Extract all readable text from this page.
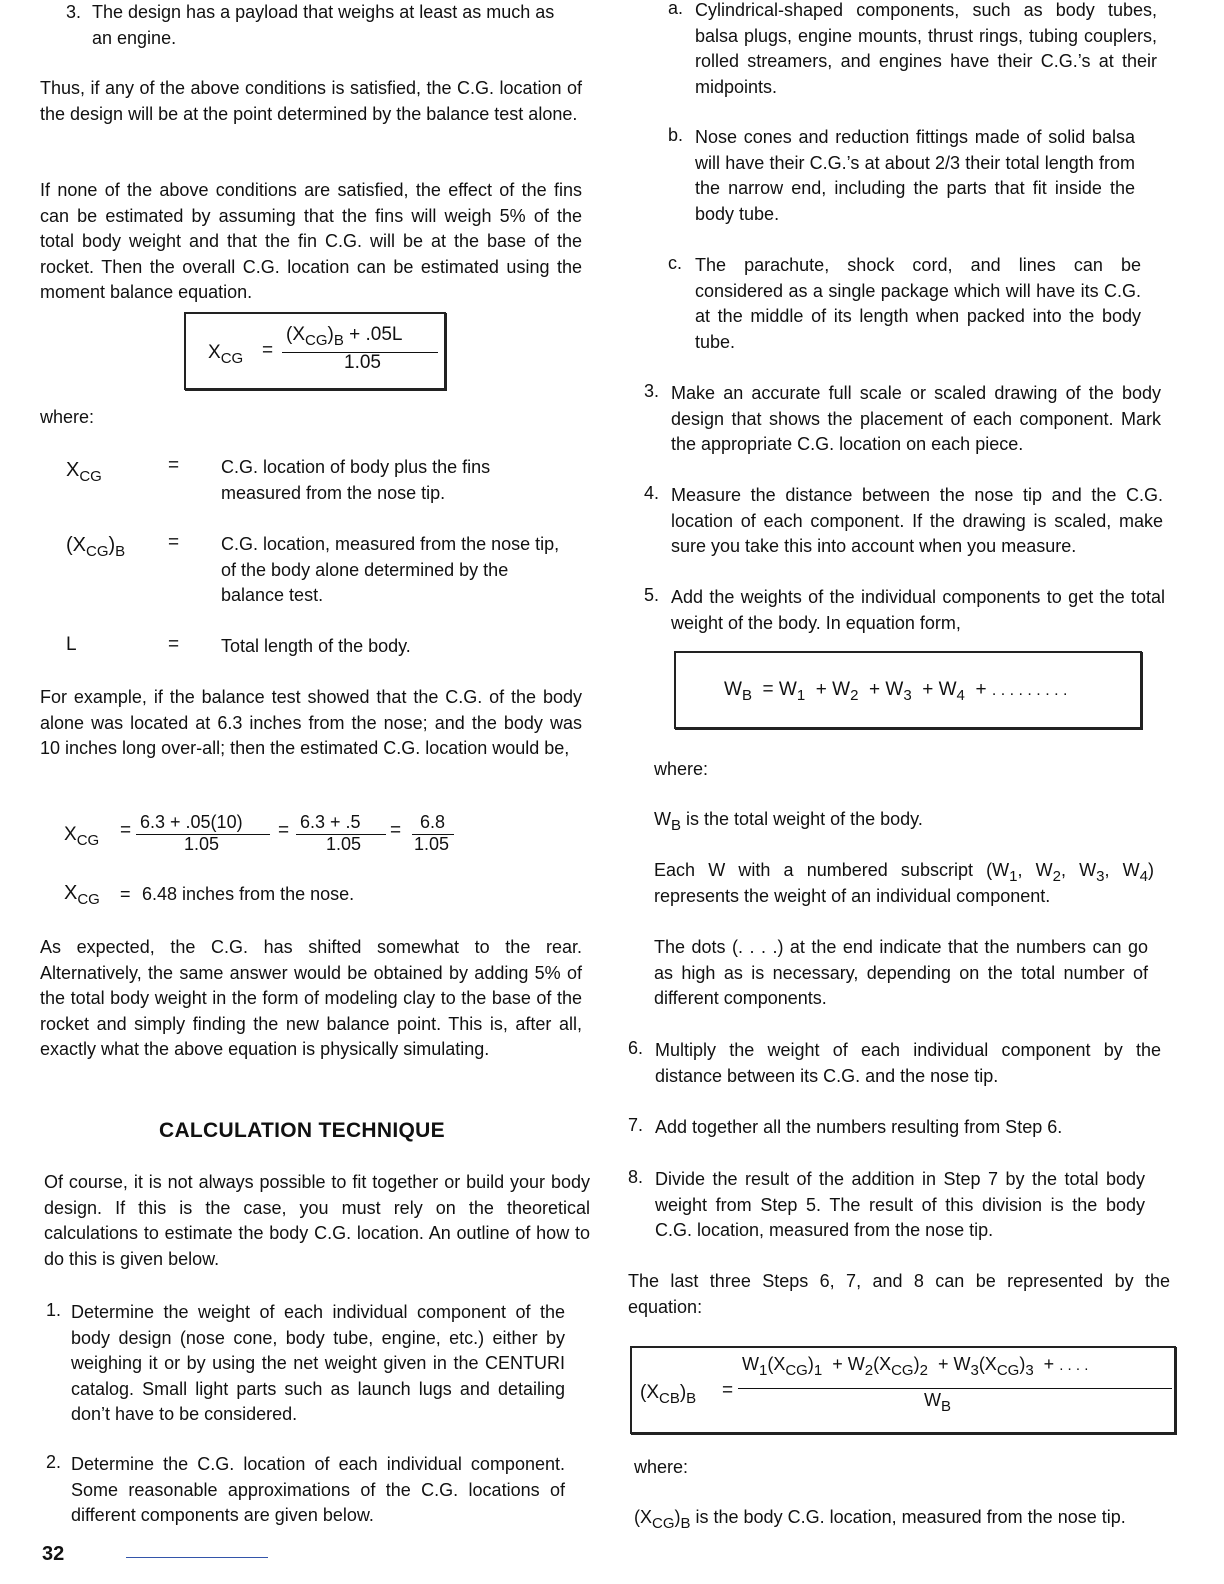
3. The design has a payload that weighs at least as much as an engine.

Thus, if any of the above conditions is satisfied, the C.G. location of the design will be at the point determined by the balance test alone.

If none of the above conditions are satisfied, the effect of the fins can be estimated by assuming that the fins will weigh 5% of the total body weight and that the fin C.G. will be at the base of the rocket. Then the overall C.G. location can be estimated using the moment balance equation.

$X_{CG}$ =
$(X_{CG})_B + .05L$
1.05

where:

$X_{CG}$
= C.G. location of body plus the fins measured from the nose tip.

$(X_{CG})_B = C.G$. location, measured from the nose tip, of the body alone determined by the balance test.

L	= Total length of the body.

For example, if the balance test showed that the C.G. of the body alone was located at 6.3 inches from the nose; and the body was 10 inches long over-all; then the estimated C.G. location would be,

$X_{CG} = 6.3 + .05(10)$
1.05
= 6.3 + .5
1.05
= 6.8
1.05
$X_{CG} = 6.48$ inches from the nose.

As expected, the C.G. has shifted somewhat to the rear. Alternatively, the same answer would be obtained by adding 5% of the total body weight in the form of modeling clay to the base of the rocket and simply finding the new balance point. This is, after all, exactly what the above equation is physically simulating.

CALCULATION TECHNIQUE

Of course, it is not always possible to fit together or build your body design. If this is the case, you must rely on the theoretical calculations to estimate the body C.G. location. An outline of how to do this is given below.

1. Determine the weight of each individual component of the body design (nose cone, body tube, engine, etc.) either by weighing it or by using the net weight given in the CENTURI catalog. Small light parts such as launch lugs and detailing don’t have to be considered.

2. Determine the C.G. location of each individual component. Some reasonable approximations of the C.G. locations of different components are given below.

32
a. Cylindrical-shaped components, such as body tubes, balsa plugs, engine mounts, thrust rings, tubing couplers, rolled streamers, and engines have their C.G.’s at their midpoints.

b. Nose cones and reduction fittings made of solid balsa will have their C.G.’s at about 2/3 their total length from the narrow end, including the parts that fit inside the body tube.

c. The parachute, shock cord, and lines can be considered as a single package which will have its C.G. at the middle of its length when packed into the body tube.

3. Make an accurate full scale or scaled drawing of the body design that shows the placement of each component. Mark the appropriate C.G. location on each piece.

4. Measure the distance between the nose tip and the C.G. location of each component. If the drawing is scaled, make sure you take this into account when you measure.

5. Add the weights of the individual components to get the total weight of the body. In equation form,

$W_B = W_1 + W_2 + W_3 + W_4$ + . . . . . . . . .

where:

$W_B$ is the total weight of the body.

Each W with a numbered subscript ($W_1$, $W_2$, $W_3$, $W_4$)

represents the weight of an individual component.

The dots (. . . .) at the end indicate that the numbers can go as high as is necessary, depending on the total number of different components.

6. Multiply the weight of each individual component by the distance between its C.G. and the nose tip.

7. Add together all the numbers resulting from Step 6.

8. Divide the result of the addition in Step 7 by the total body weight from Step 5. The result of this division is the body C.G. location, measured from the nose tip.

The last three Steps 6, 7, and 8 can be represented by the equation:

$(X_{CB})_B$ =
$W_1(X_{CG})_1 + W_2(X_{CG})_2 + W_3(X_{CG})_3$ + . . . .
$W_B$

where:

$(X_{CG})_B$ is the body C.G. location, measured from the nose tip.
